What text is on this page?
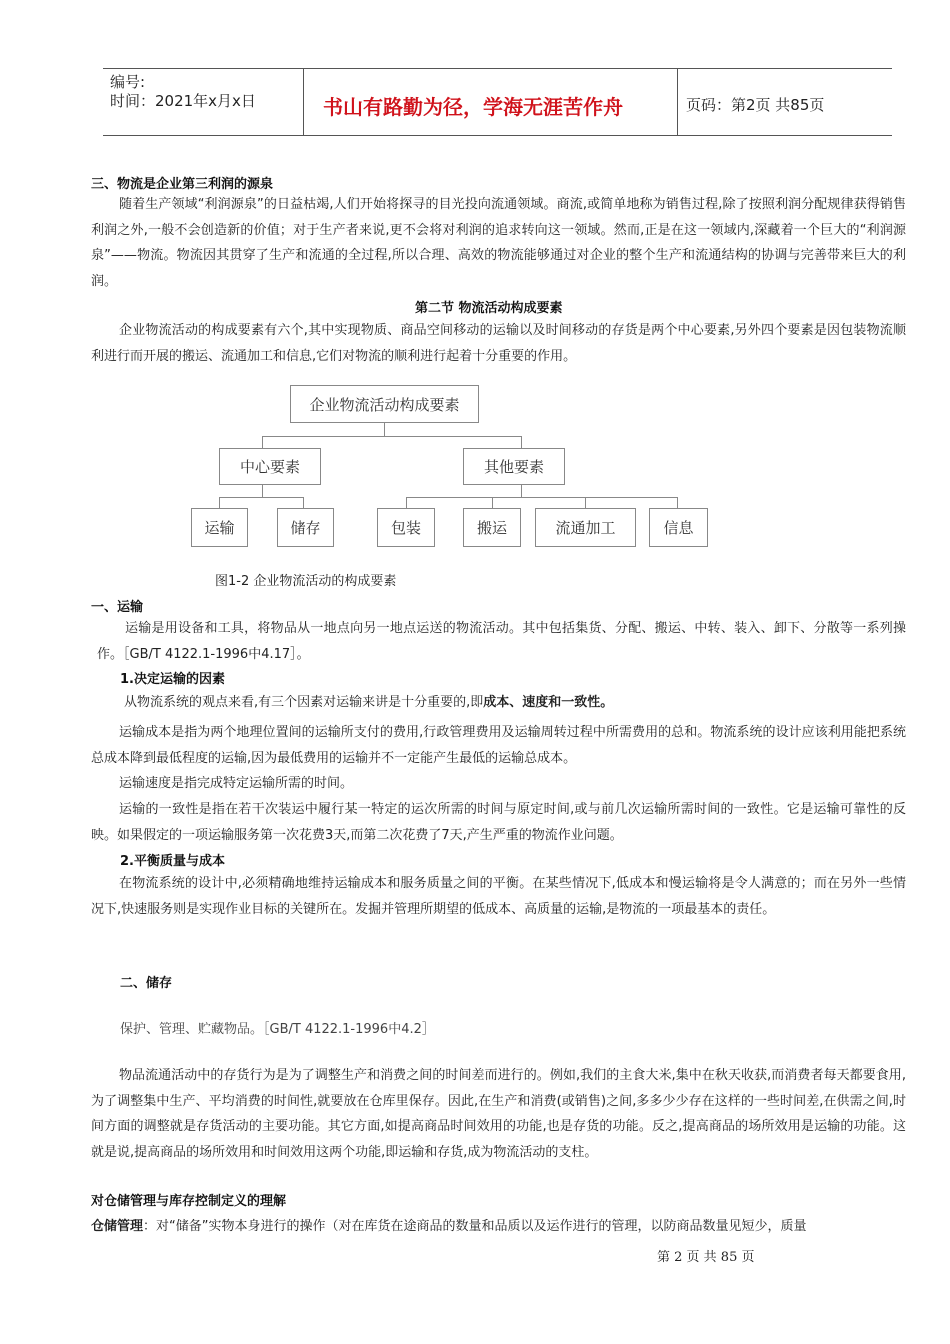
编号:
时间：2021年x月x日	书山有路勤为径，学海无涯苦作舟	页码：第2页 共85页
三、物流是企业第三利润的源泉
随着生产领域“利润源泉”的日益枯竭,人们开始将探寻的目光投向流通领域。商流,或简单地称为销售过程,除了按照利润分配规律获得销售利润之外,一般不会创造新的价值；对于生产者来说,更不会将对利润的追求转向这一领域。然而,正是在这一领域内,深藏着一个巨大的“利润源泉”——物流。物流因其贯穿了生产和流通的全过程,所以合理、高效的物流能够通过对企业的整个生产和流通结构的协调与完善带来巨大的利润。
第二节 物流活动构成要素
企业物流活动的构成要素有六个,其中实现物质、商品空间移动的运输以及时间移动的存货是两个中心要素,另外四个要素是因包装物流顺利进行而开展的搬运、流通加工和信息,它们对物流的顺利进行起着十分重要的作用。
企业物流活动构成要素
中心要素	其他要素
运输	储存	包装	搬运	流通加工	信息
图1-2 企业物流活动的构成要素
一、运输
运输是用设备和工具，将物品从一地点向另一地点运送的物流活动。其中包括集货、分配、搬运、中转、装入、卸下、分散等一系列操作。［GB/T 4122.1-1996中4.17］。
1.决定运输的因素
从物流系统的观点来看,有三个因素对运输来讲是十分重要的,即成本、速度和一致性。
运输成本是指为两个地理位置间的运输所支付的费用,行政管理费用及运输周转过程中所需费用的总和。物流系统的设计应该利用能把系统总成本降到最低程度的运输,因为最低费用的运输并不一定能产生最低的运输总成本。
运输速度是指完成特定运输所需的时间。
运输的一致性是指在若干次装运中履行某一特定的运次所需的时间与原定时间,或与前几次运输所需时间的一致性。它是运输可靠性的反映。如果假定的一项运输服务第一次花费3天,而第二次花费了7天,产生严重的物流作业问题。
2.平衡质量与成本
在物流系统的设计中,必须精确地维持运输成本和服务质量之间的平衡。在某些情况下,低成本和慢运输将是令人满意的；而在另外一些情况下,快速服务则是实现作业目标的关键所在。发掘并管理所期望的低成本、高质量的运输,是物流的一项最基本的责任。
二、储存
保护、管理、贮藏物品。［GB/T 4122.1-1996中4.2］
物品流通活动中的存货行为是为了调整生产和消费之间的时间差而进行的。例如,我们的主食大米,集中在秋天收获,而消费者每天都要食用,为了调整集中生产、平均消费的时间性,就要放在仓库里保存。因此,在生产和消费(或销售)之间,多多少少存在这样的一些时间差,在供需之间,时间方面的调整就是存货活动的主要功能。其它方面,如提高商品时间效用的功能,也是存货的功能。反之,提高商品的场所效用是运输的功能。这就是说,提高商品的场所效用和时间效用这两个功能,即运输和存货,成为物流活动的支柱。
对仓储管理与库存控制定义的理解
仓储管理：对“储备”实物本身进行的操作（对在库货在途商品的数量和品质以及运作进行的管理，以防商品数量见短少，质量
第 2 页 共 85 页
